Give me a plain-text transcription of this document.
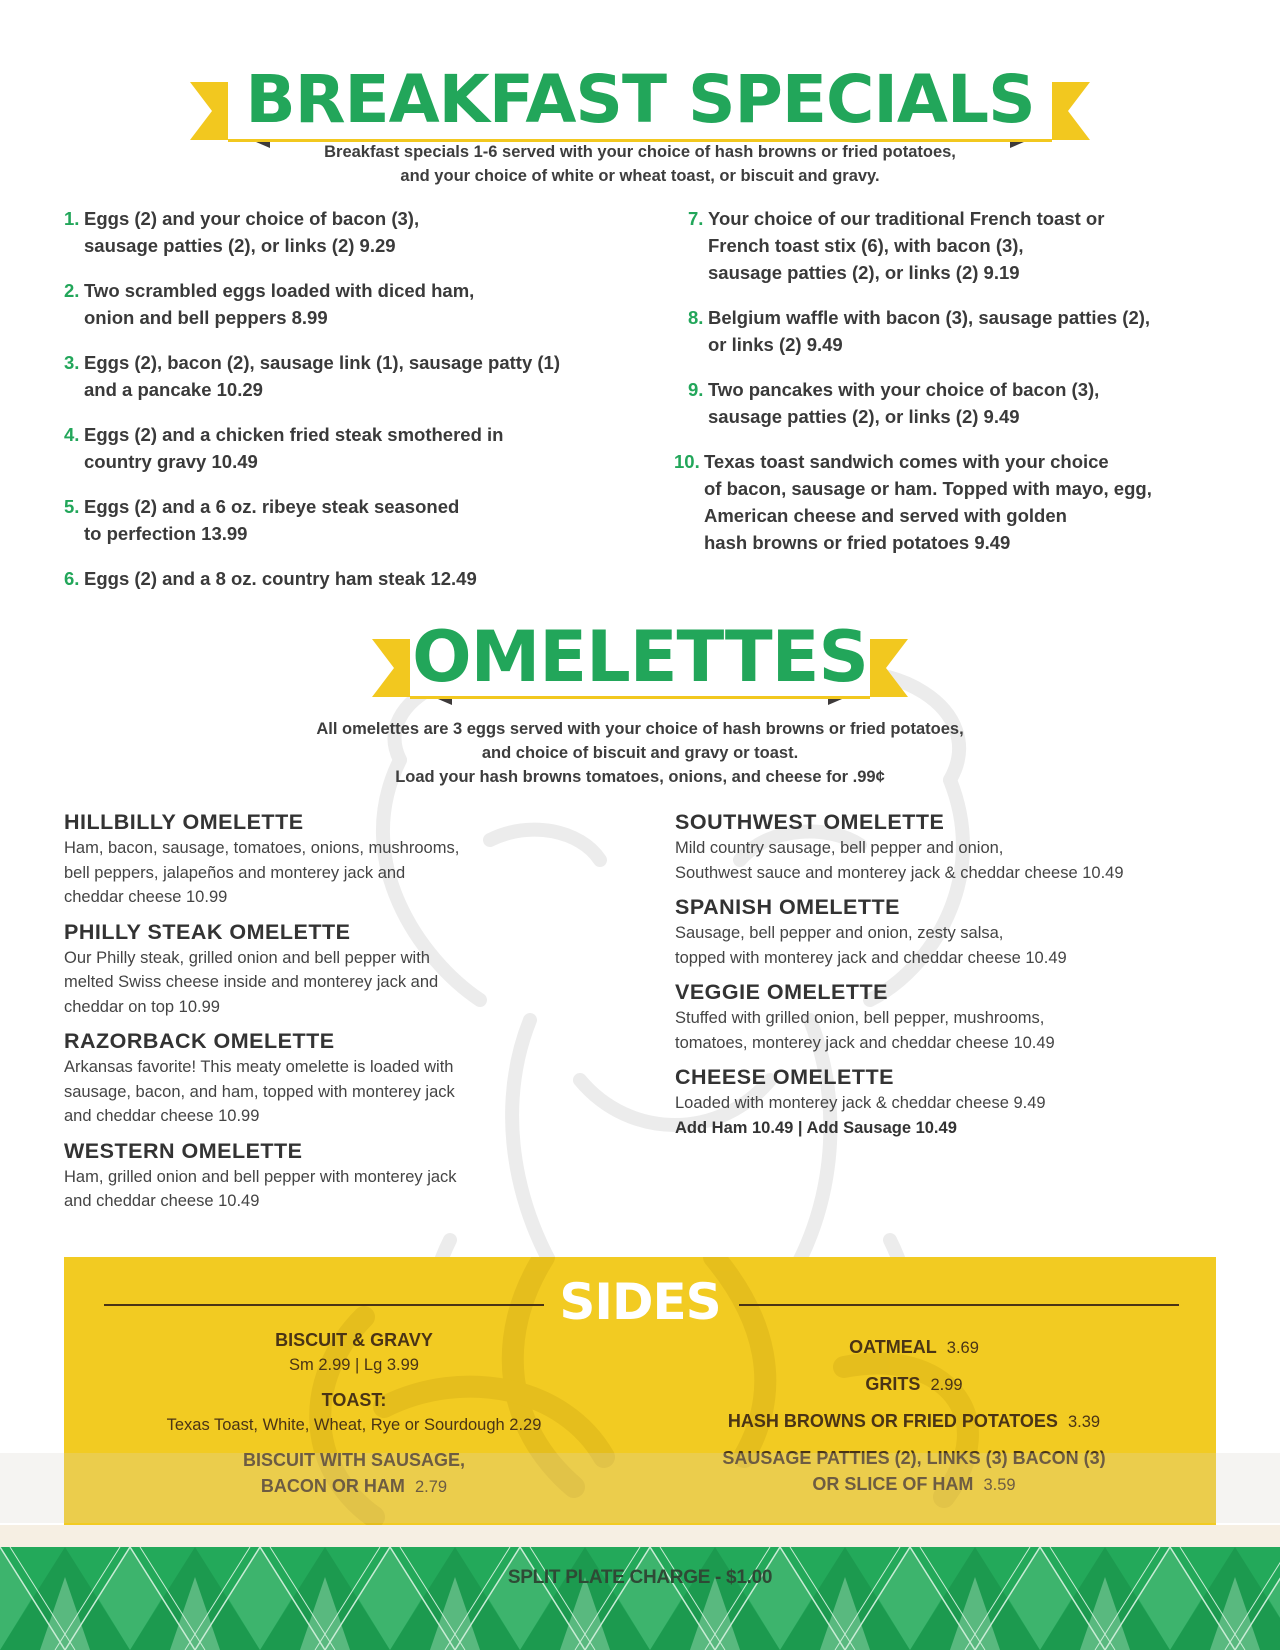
BREAKFAST SPECIALS
Breakfast specials 1-6 served with your choice of hash browns or fried potatoes,
and your choice of white or wheat toast, or biscuit and gravy.
1. Eggs (2) and your choice of bacon (3),
sausage patties (2), or links (2) 9.29
2. Two scrambled eggs loaded with diced ham,
onion and bell peppers 8.99
3. Eggs (2), bacon (2), sausage link (1), sausage patty (1)
and a pancake 10.29
4. Eggs (2) and a chicken fried steak smothered in
country gravy 10.49
5. Eggs (2) and a 6 oz. ribeye steak seasoned
to perfection 13.99
6. Eggs (2) and a 8 oz. country ham steak 12.49
7. Your choice of our traditional French toast or
French toast stix (6), with bacon (3),
sausage patties (2), or links (2) 9.19
8. Belgium waffle with bacon (3), sausage patties (2),
or links (2) 9.49
9. Two pancakes with your choice of bacon (3),
sausage patties (2), or links (2) 9.49
10. Texas toast sandwich comes with your choice
of bacon, sausage or ham. Topped with mayo, egg,
American cheese and served with golden
hash browns or fried potatoes 9.49
OMELETTES
All omelettes are 3 eggs served with your choice of hash browns or fried potatoes,
and choice of biscuit and gravy or toast.
Load your hash browns tomatoes, onions, and cheese for .99¢
HILLBILLY OMELETTE
Ham, bacon, sausage, tomatoes, onions, mushrooms,
bell peppers, jalapeños and monterey jack and
cheddar cheese 10.99
PHILLY STEAK OMELETTE
Our Philly steak, grilled onion and bell pepper with
melted Swiss cheese inside and monterey jack and
cheddar on top 10.99
RAZORBACK OMELETTE
Arkansas favorite! This meaty omelette is loaded with
sausage, bacon, and ham, topped with monterey jack
and cheddar cheese 10.99
WESTERN OMELETTE
Ham, grilled onion and bell pepper with monterey jack
and cheddar cheese 10.49
SOUTHWEST OMELETTE
Mild country sausage, bell pepper and onion,
Southwest sauce and monterey jack & cheddar cheese 10.49
SPANISH OMELETTE
Sausage, bell pepper and onion, zesty salsa,
topped with monterey jack and cheddar cheese 10.49
VEGGIE OMELETTE
Stuffed with grilled onion, bell pepper, mushrooms,
tomatoes, monterey jack and cheddar cheese 10.49
CHEESE OMELETTE
Loaded with monterey jack & cheddar cheese 9.49
Add Ham 10.49 | Add Sausage 10.49
SIDES
BISCUIT & GRAVY
Sm 2.99 | Lg 3.99
TOAST:
Texas Toast, White, Wheat, Rye or Sourdough 2.29
BISCUIT WITH SAUSAGE,
BACON OR HAM 2.79
OATMEAL 3.69
GRITS 2.99
HASH BROWNS OR FRIED POTATOES 3.39
SAUSAGE PATTIES (2), LINKS (3) BACON (3)
OR SLICE OF HAM 3.59
SPLIT PLATE CHARGE - $1.00
